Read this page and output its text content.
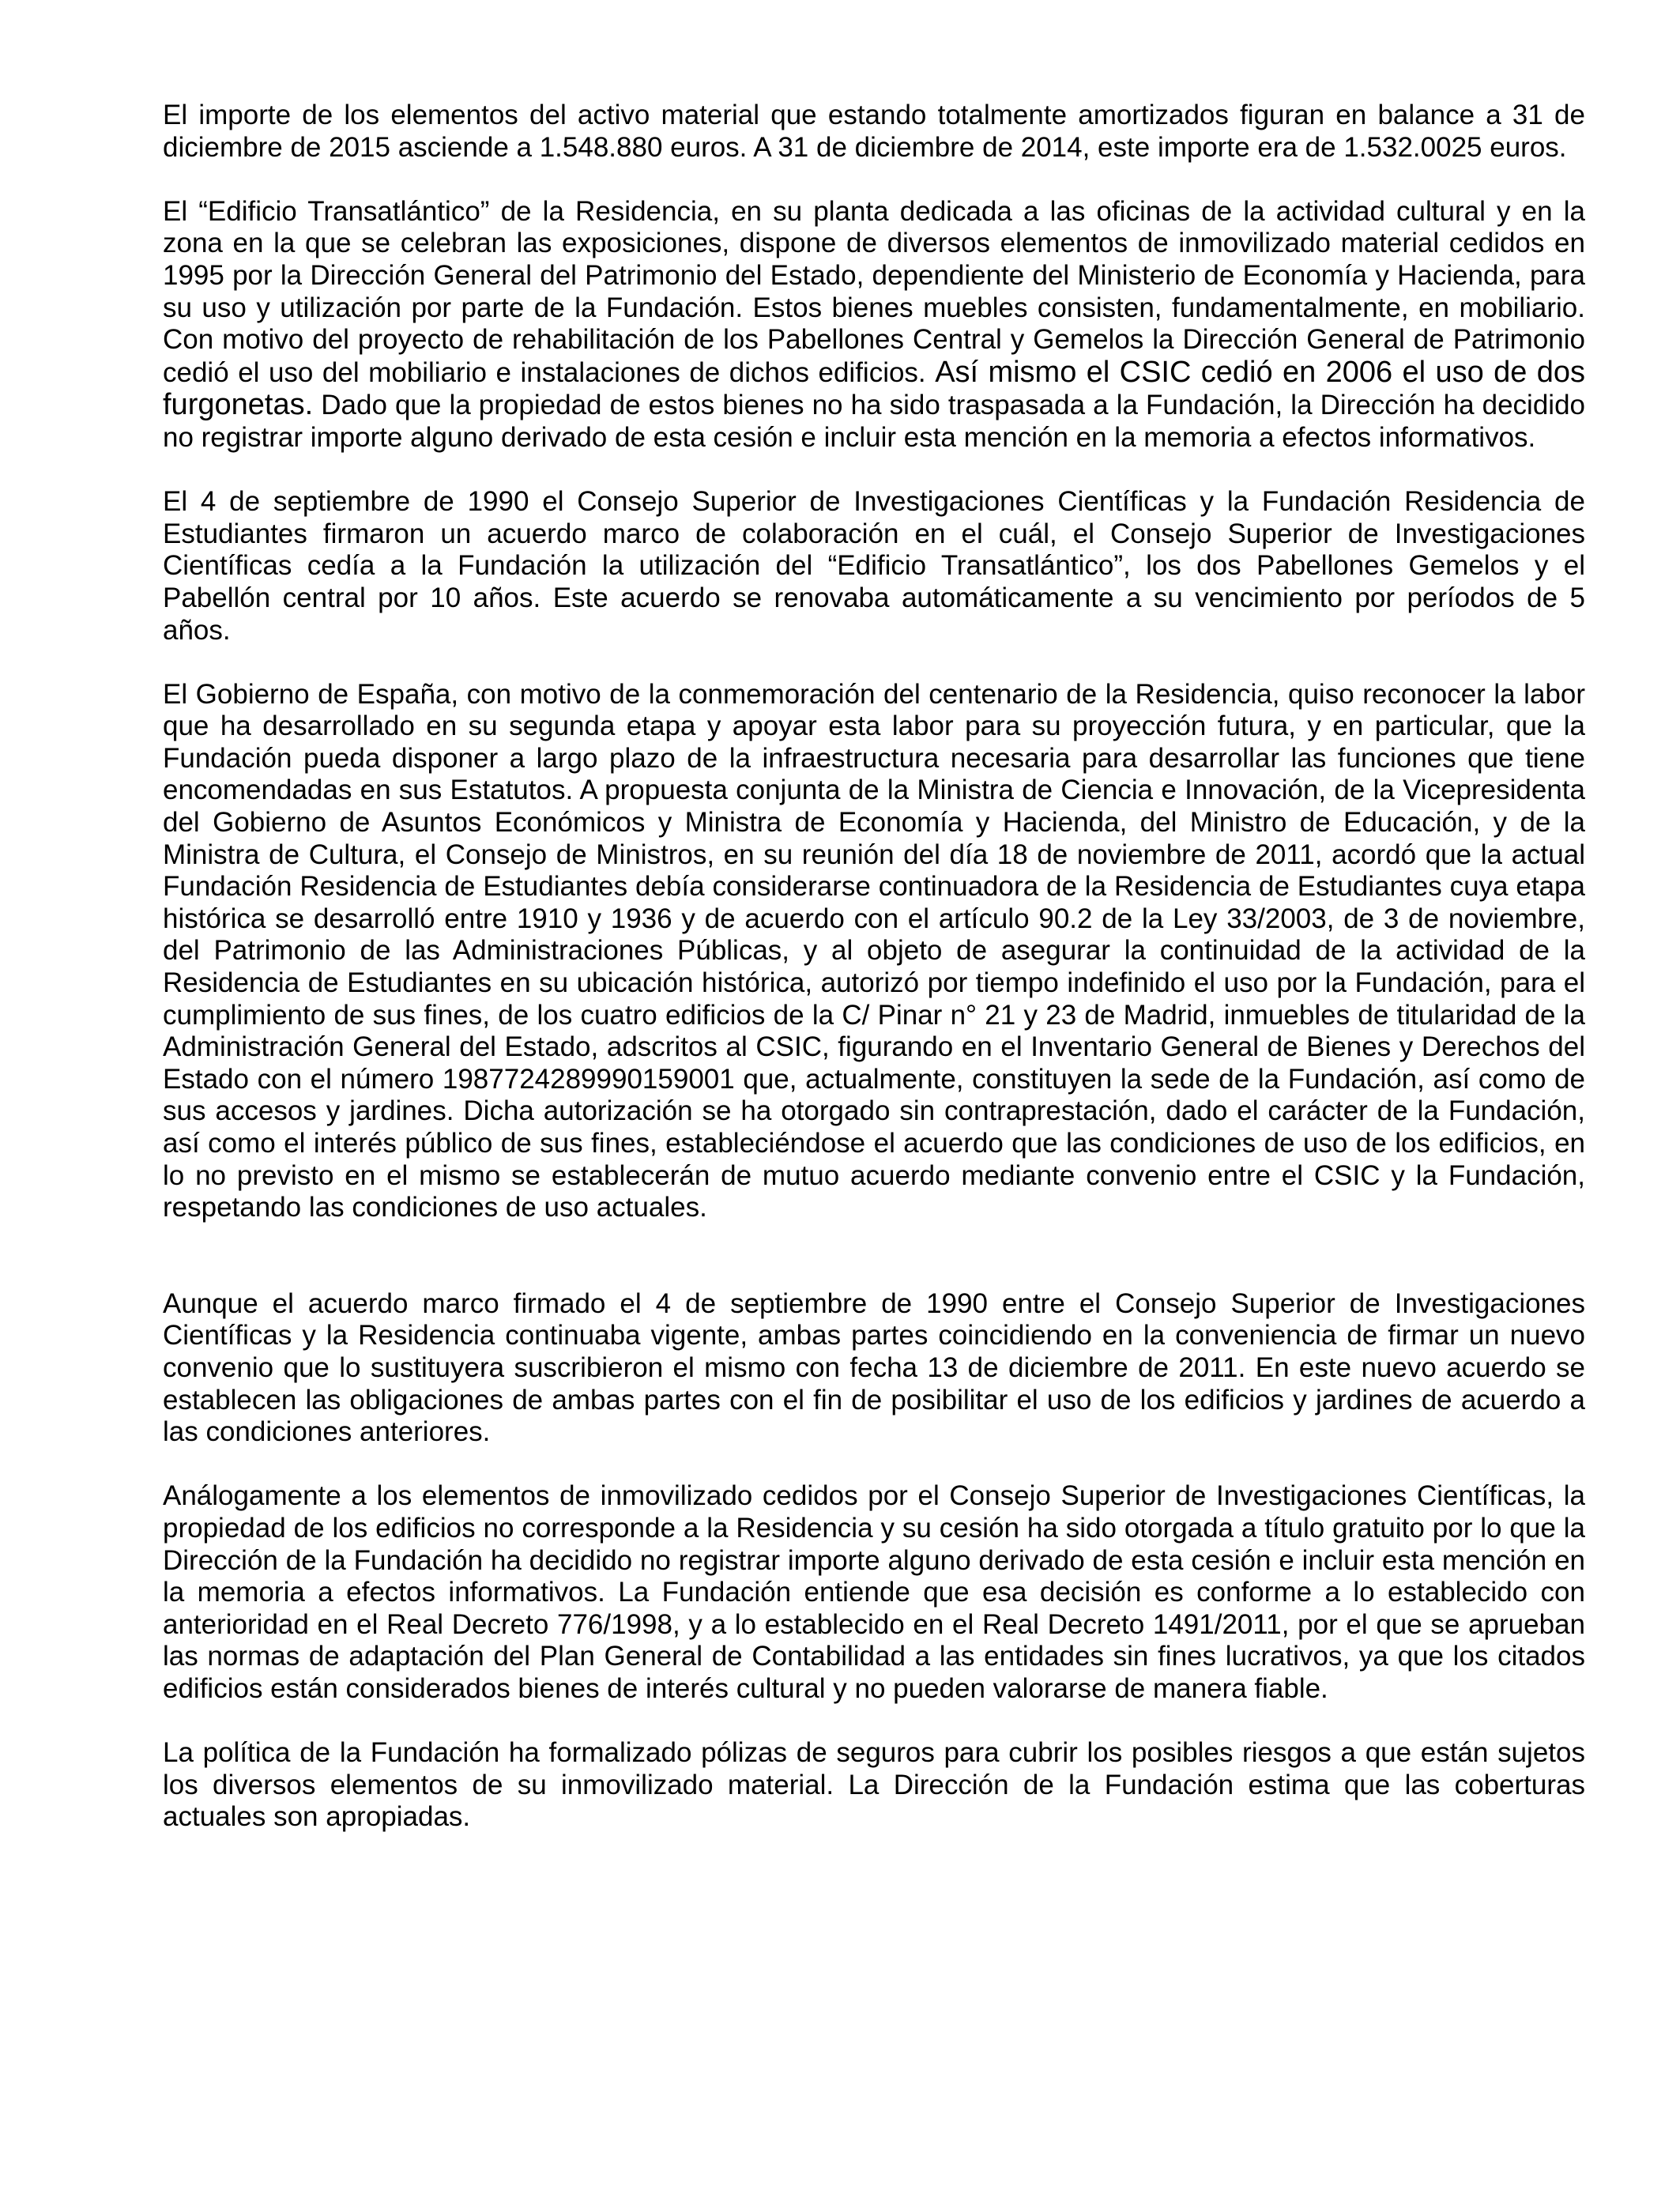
El importe de los elementos del activo material que estando totalmente amortizados figuran en balance a 31 de diciembre de 2015 asciende a 1.548.880 euros. A 31 de diciembre de 2014, este importe era de 1.532.0025 euros.

El “Edificio Transatlántico” de la Residencia, en su planta dedicada a las oficinas de la actividad cultural y en la zona en la que se celebran las exposiciones, dispone de diversos elementos de inmovilizado material cedidos en 1995 por la Dirección General del Patrimonio del Estado, dependiente del Ministerio de Economía y Hacienda, para su uso y utilización por parte de la Fundación. Estos bienes muebles consisten, fundamentalmente, en mobiliario. Con motivo del proyecto de rehabilitación de los Pabellones Central y Gemelos la Dirección General de Patrimonio cedió el uso del mobiliario e instalaciones de dichos edificios. Así mismo el CSIC cedió en 2006 el uso de dos furgonetas. Dado que la propiedad de estos bienes no ha sido traspasada a la Fundación, la Dirección ha decidido no registrar importe alguno derivado de esta cesión e incluir esta mención en la memoria a efectos informativos.

El 4 de septiembre de 1990 el Consejo Superior de Investigaciones Científicas y la Fundación Residencia de Estudiantes firmaron un acuerdo marco de colaboración en el cuál, el Consejo Superior de Investigaciones Científicas cedía a la Fundación la utilización del “Edificio Transatlántico”, los dos Pabellones Gemelos y el Pabellón central por 10 años. Este acuerdo se renovaba automáticamente a su vencimiento por períodos de 5 años.

El Gobierno de España, con motivo de la conmemoración del centenario de la Residencia, quiso reconocer la labor que ha desarrollado en su segunda etapa y apoyar esta labor para su proyección futura, y en particular, que la Fundación pueda disponer a largo plazo de la infraestructura necesaria para desarrollar las funciones que tiene encomendadas en sus Estatutos. A propuesta conjunta de la Ministra de Ciencia e Innovación, de la Vicepresidenta del Gobierno de Asuntos Económicos y Ministra de Economía y Hacienda, del Ministro de Educación, y de la Ministra de Cultura, el Consejo de Ministros, en su reunión del día 18 de noviembre de 2011, acordó que la actual Fundación Residencia de Estudiantes debía considerarse continuadora de la Residencia de Estudiantes cuya etapa histórica se desarrolló entre 1910 y 1936 y de acuerdo con el artículo 90.2 de la Ley 33/2003, de 3 de noviembre, del Patrimonio de las Administraciones Públicas, y al objeto de asegurar la continuidad de la actividad de la Residencia de Estudiantes en su ubicación histórica, autorizó por tiempo indefinido el uso por la Fundación, para el cumplimiento de sus fines, de los cuatro edificios de la C/ Pinar n° 21 y 23 de Madrid, inmuebles de titularidad de la Administración General del Estado, adscritos al CSIC, figurando en el Inventario General de Bienes y Derechos del Estado con el número 1987724289990159001 que, actualmente, constituyen la sede de la Fundación, así como de sus accesos y jardines. Dicha autorización se ha otorgado sin contraprestación, dado el carácter de la Fundación, así como el interés público de sus fines, estableciéndose el acuerdo que las condiciones de uso de los edificios, en lo no previsto en el mismo se establecerán de mutuo acuerdo mediante convenio entre el CSIC y la Fundación, respetando las condiciones de uso actuales.

Aunque el acuerdo marco firmado el 4 de septiembre de 1990 entre el Consejo Superior de Investigaciones Científicas y la Residencia continuaba vigente, ambas partes coincidiendo en la conveniencia de firmar un nuevo convenio que lo sustituyera suscribieron el mismo con fecha 13 de diciembre de 2011. En este nuevo acuerdo se establecen las obligaciones de ambas partes con el fin de posibilitar el uso de los edificios y jardines de acuerdo a las condiciones anteriores.

Análogamente a los elementos de inmovilizado cedidos por el Consejo Superior de Investigaciones Científicas, la propiedad de los edificios no corresponde a la Residencia y su cesión ha sido otorgada a título gratuito por lo que la Dirección de la Fundación ha decidido no registrar importe alguno derivado de esta cesión e incluir esta mención en la memoria a efectos informativos. La Fundación entiende que esa decisión es conforme a lo establecido con anterioridad en el Real Decreto 776/1998, y a lo establecido en el Real Decreto 1491/2011, por el que se aprueban las normas de adaptación del Plan General de Contabilidad a las entidades sin fines lucrativos, ya que los citados edificios están considerados bienes de interés cultural y no pueden valorarse de manera fiable.

La política de la Fundación ha formalizado pólizas de seguros para cubrir los posibles riesgos a que están sujetos los diversos elementos de su inmovilizado material. La Dirección de la Fundación estima que las coberturas actuales son apropiadas.
